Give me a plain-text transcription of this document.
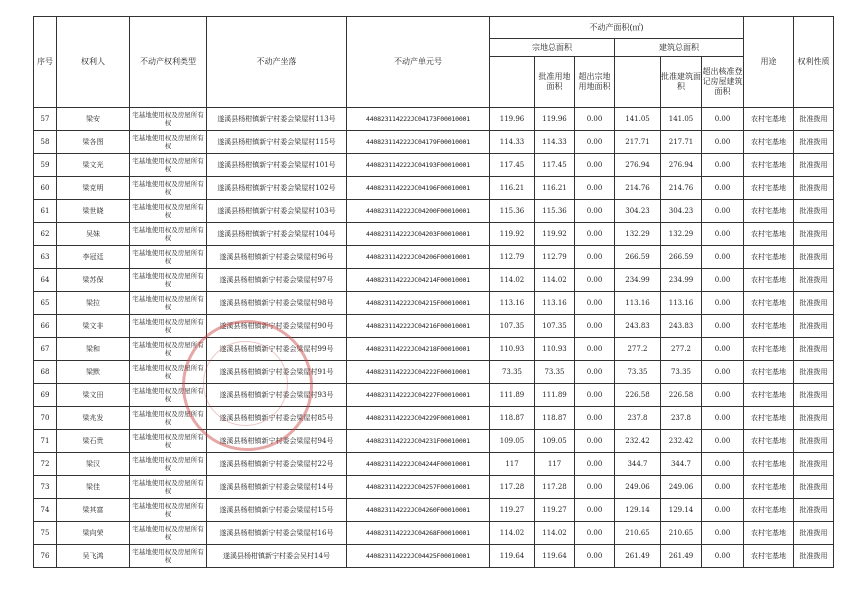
序号	权利人	不动产权利类型	不动产坐落	不动产单元号	不动产面积(㎡)						用途	权利性质
					宗地总面积			建筑总面积				
						批准用地面积	超出宗地用地面积		批准建筑面积	超出核准登记房屋建筑面积		
57	梁安	宅基地使用权及房屋所有权	遂溪县杨柑镇新宁村委会梁屋村113号	440823114222JC04173F00010001	119.96	119.96	0.00	141.05	141.05	0.00	农村宅基地	批准拨用
58	梁各图	宅基地使用权及房屋所有权	遂溪县杨柑镇新宁村委会梁屋村115号	440823114222JC04179F00010001	114.33	114.33	0.00	217.71	217.71	0.00	农村宅基地	批准拨用
59	梁文光	宅基地使用权及房屋所有权	遂溪县杨柑镇新宁村委会梁屋村101号	440823114222JC04193F00010001	117.45	117.45	0.00	276.94	276.94	0.00	农村宅基地	批准拨用
60	梁克明	宅基地使用权及房屋所有权	遂溪县杨柑镇新宁村委会梁屋村102号	440823114222JC04196F00010001	116.21	116.21	0.00	214.76	214.76	0.00	农村宅基地	批准拨用
61	梁世晓	宅基地使用权及房屋所有权	遂溪县杨柑镇新宁村委会梁屋村103号	440823114222JC04200F00010001	115.36	115.36	0.00	304.23	304.23	0.00	农村宅基地	批准拨用
62	吴妹	宅基地使用权及房屋所有权	遂溪县杨柑镇新宁村委会梁屋村104号	440823114222JC04203F00010001	119.92	119.92	0.00	132.29	132.29	0.00	农村宅基地	批准拨用
63	李冠廷	宅基地使用权及房屋所有权	遂溪县杨柑镇新宁村委会梁屋村96号	440823114222JC04206F00010001	112.79	112.79	0.00	266.59	266.59	0.00	农村宅基地	批准拨用
64	梁苏保	宅基地使用权及房屋所有权	遂溪县杨柑镇新宁村委会梁屋村97号	440823114222JC04214F00010001	114.02	114.02	0.00	234.99	234.99	0.00	农村宅基地	批准拨用
65	梁拉	宅基地使用权及房屋所有权	遂溪县杨柑镇新宁村委会梁屋村98号	440823114222JC04215F00010001	113.16	113.16	0.00	113.16	113.16	0.00	农村宅基地	批准拨用
66	梁文非	宅基地使用权及房屋所有权	遂溪县杨柑镇新宁村委会梁屋村90号	440823114222JC04216F00010001	107.35	107.35	0.00	243.83	243.83	0.00	农村宅基地	批准拨用
67	梁和	宅基地使用权及房屋所有权	遂溪县杨柑镇新宁村委会梁屋村99号	440823114222JC04218F00010001	110.93	110.93	0.00	277.2	277.2	0.00	农村宅基地	批准拨用
68	梁默	宅基地使用权及房屋所有权	遂溪县杨柑镇新宁村委会梁屋村91号	440823114222JC04222F00010001	73.35	73.35	0.00	73.35	73.35	0.00	农村宅基地	批准拨用
69	梁文田	宅基地使用权及房屋所有权	遂溪县杨柑镇新宁村委会梁屋村93号	440823114222JC04227F00010001	111.89	111.89	0.00	226.58	226.58	0.00	农村宅基地	批准拨用
70	梁兆发	宅基地使用权及房屋所有权	遂溪县杨柑镇新宁村委会梁屋村85号	440823114222JC04229F00010001	118.87	118.87	0.00	237.8	237.8	0.00	农村宅基地	批准拨用
71	梁石贵	宅基地使用权及房屋所有权	遂溪县杨柑镇新宁村委会梁屋村94号	440823114222JC04231F00010001	109.05	109.05	0.00	232.42	232.42	0.00	农村宅基地	批准拨用
72	梁汉	宅基地使用权及房屋所有权	遂溪县杨柑镇新宁村委会梁屋村22号	440823114222JC04244F00010001	117	117	0.00	344.7	344.7	0.00	农村宅基地	批准拨用
73	梁佳	宅基地使用权及房屋所有权	遂溪县杨柑镇新宁村委会梁屋村14号	440823114222JC04257F00010001	117.28	117.28	0.00	249.06	249.06	0.00	农村宅基地	批准拨用
74	梁其富	宅基地使用权及房屋所有权	遂溪县杨柑镇新宁村委会梁屋村15号	440823114222JC04260F00010001	119.27	119.27	0.00	129.14	129.14	0.00	农村宅基地	批准拨用
75	梁向荣	宅基地使用权及房屋所有权	遂溪县杨柑镇新宁村委会梁屋村16号	440823114222JC04268F00010001	114.02	114.02	0.00	210.65	210.65	0.00	农村宅基地	批准拨用
76	吴飞鸿	宅基地使用权及房屋所有权	遂溪县杨柑镇新宁村委会吴村14号	440823114222JC04425F00010001	119.64	119.64	0.00	261.49	261.49	0.00	农村宅基地	批准拨用
